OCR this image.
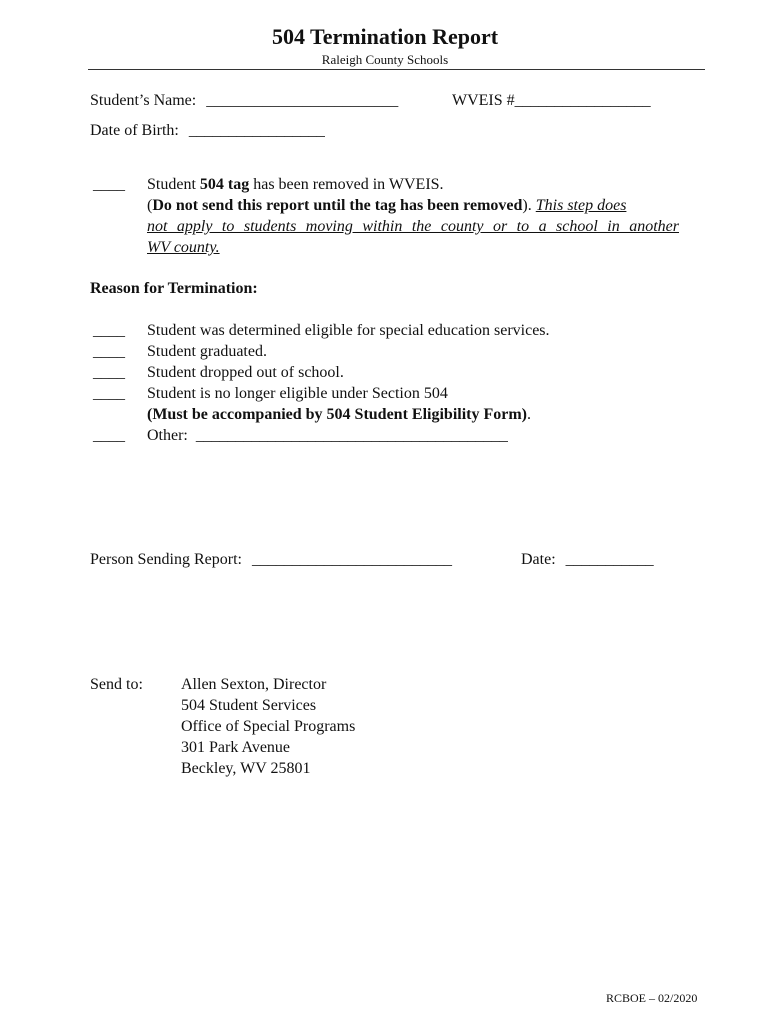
504 Termination Report
Raleigh County Schools
Student’s Name: ________________________	WVEIS #_________________
Date of Birth: _________________
____ Student 504 tag has been removed in WVEIS.
(Do not send this report until the tag has been removed). This step does
not apply to students moving within the county or to a school in another
WV county.
Reason for Termination:
____ Student was determined eligible for special education services.
____ Student graduated.
____ Student dropped out of school.
____ Student is no longer eligible under Section 504
(Must be accompanied by 504 Student Eligibility Form).
____ Other: _______________________________________
Person Sending Report: _________________________	Date: ___________
Send to: Allen Sexton, Director
504 Student Services
Office of Special Programs
301 Park Avenue
Beckley, WV 25801
RCBOE – 02/2020
